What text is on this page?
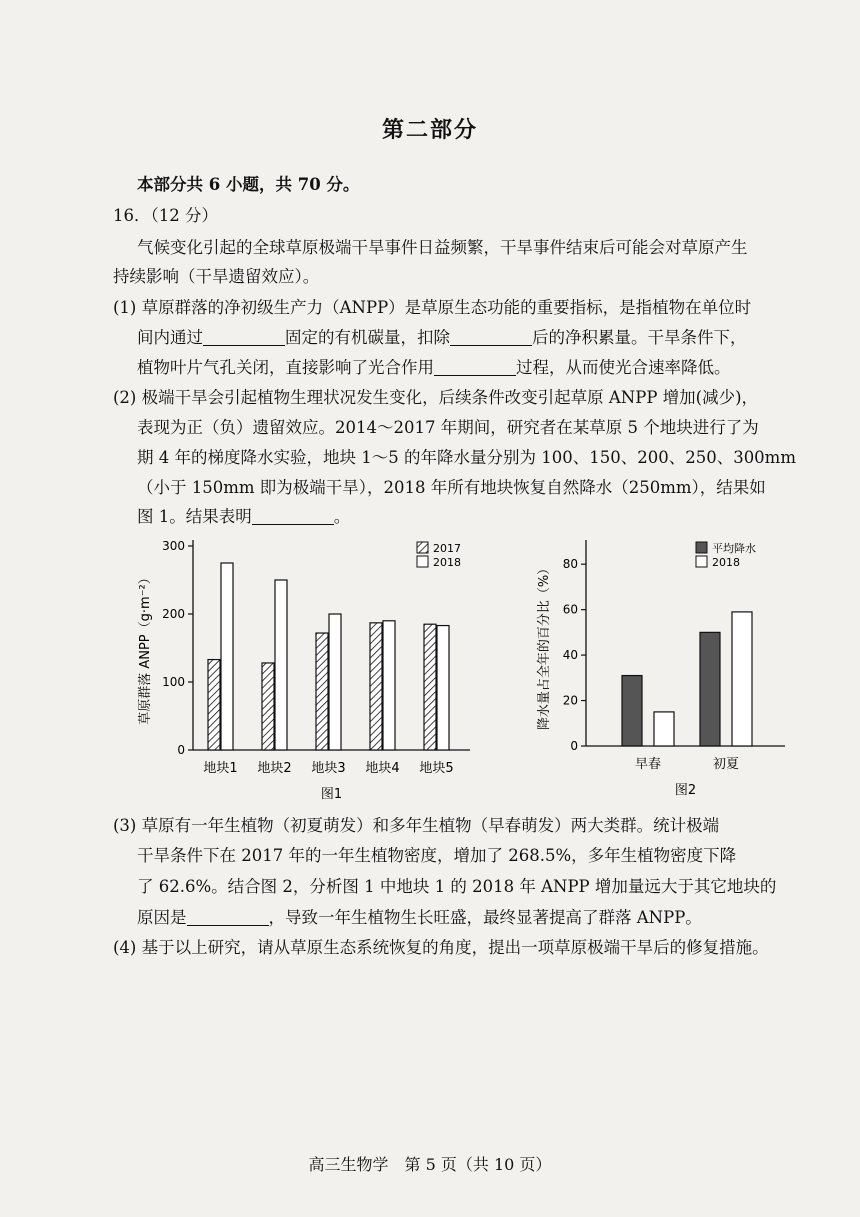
第二部分
本部分共 6 小题，共 70 分。
16．（12 分）
气候变化引起的全球草原极端干旱事件日益频繁，干旱事件结束后可能会对草原产生
持续影响（干旱遗留效应）。
(1) 草原群落的净初级生产力（ANPP）是草原生态功能的重要指标，是指植物在单位时
间内通过	固定的有机碳量，扣除	后的净积累量。干旱条件下，
植物叶片气孔关闭，直接影响了光合作用	过程，从而使光合速率降低。
(2) 极端干旱会引起植物生理状况发生变化，后续条件改变引起草原 ANPP 增加(减少)，
表现为正（负）遗留效应。2014～2017 年期间，研究者在某草原 5 个地块进行了为
期 4 年的梯度降水实验，地块 1～5 的年降水量分别为 100、150、200、250、300mm
（小于 150mm 即为极端干旱），2018 年所有地块恢复自然降水（250mm），结果如
图 1。结果表明	。
0
100
200
300
地块1 地块2 地块3 地块4 地块5
2017
2018
草原群落 ANPP（g·m⁻²）
图1
0
20
40
60
80
早春	初夏
平均降水
2018
降水量占全年的百分比（%）
图2
(3) 草原有一年生植物（初夏萌发）和多年生植物（早春萌发）两大类群。统计极端
干旱条件下在 2017 年的一年生植物密度，增加了 268.5%，多年生植物密度下降
了 62.6%。结合图 2，分析图 1 中地块 1 的 2018 年 ANPP 增加量远大于其它地块的
原因是	，导致一年生植物生长旺盛，最终显著提高了群落 ANPP。
(4) 基于以上研究，请从草原生态系统恢复的角度，提出一项草原极端干旱后的修复措施。
高三生物学　第 5 页（共 10 页）
